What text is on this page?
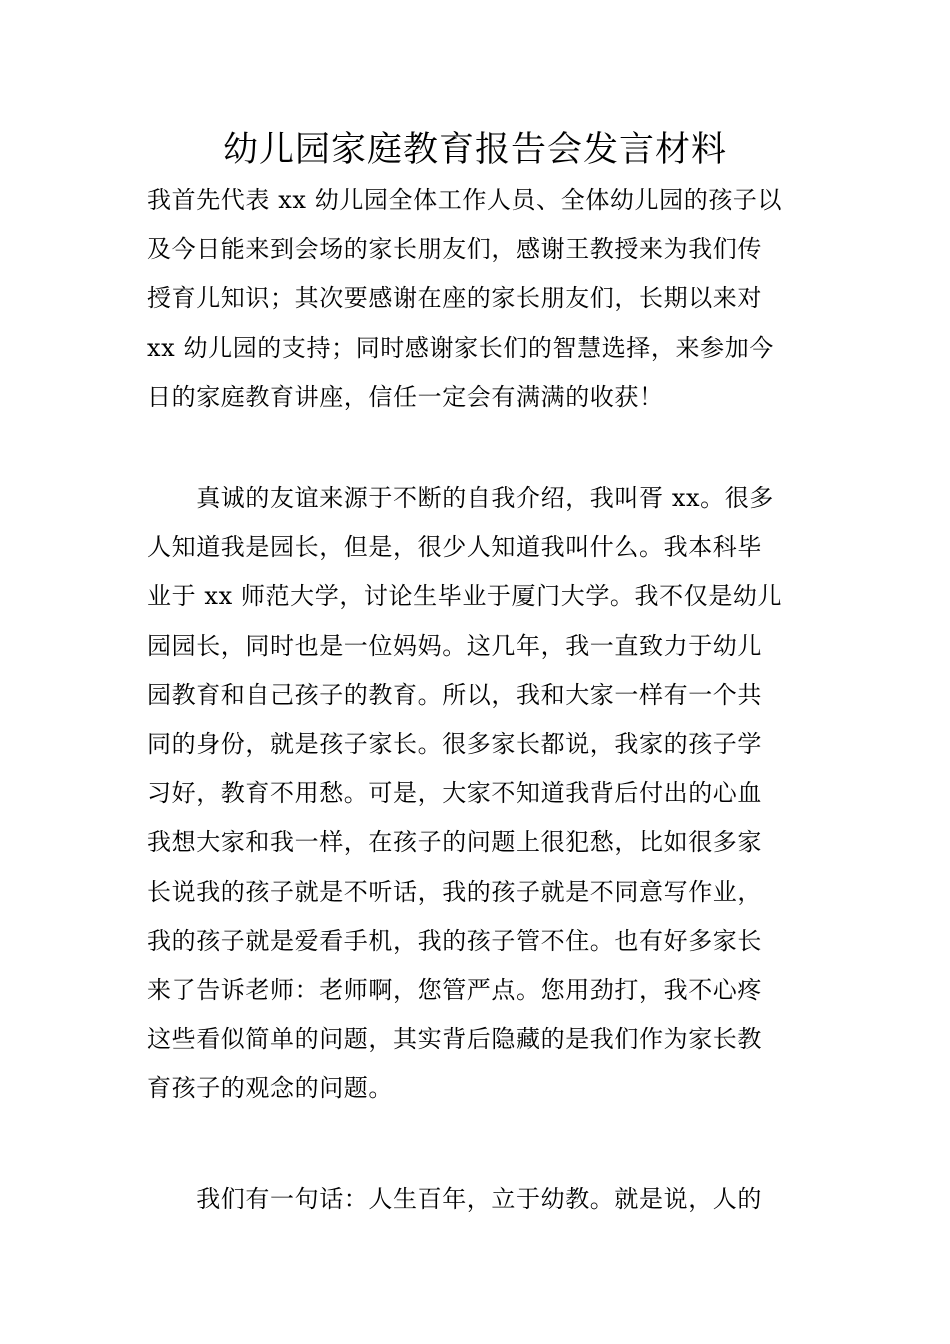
幼儿园家庭教育报告会发言材料
我首先代表 xx 幼儿园全体工作人员、全体幼儿园的孩子以
及今日能来到会场的家长朋友们，感谢王教授来为我们传
授育儿知识；其次要感谢在座的家长朋友们，长期以来对
xx 幼儿园的支持；同时感谢家长们的智慧选择，来参加今
日的家庭教育讲座，信任一定会有满满的收获！
　　真诚的友谊来源于不断的自我介绍，我叫胥 xx。很多
人知道我是园长，但是，很少人知道我叫什么。我本科毕
业于 xx 师范大学，讨论生毕业于厦门大学。我不仅是幼儿
园园长，同时也是一位妈妈。这几年，我一直致力于幼儿
园教育和自己孩子的教育。所以，我和大家一样有一个共
同的身份，就是孩子家长。很多家长都说，我家的孩子学
习好，教育不用愁。可是，大家不知道我背后付出的心血
我想大家和我一样，在孩子的问题上很犯愁，比如很多家
长说我的孩子就是不听话，我的孩子就是不同意写作业，
我的孩子就是爱看手机，我的孩子管不住。也有好多家长
来了告诉老师：老师啊，您管严点。您用劲打，我不心疼
这些看似简单的问题，其实背后隐藏的是我们作为家长教
育孩子的观念的问题。
　　我们有一句话：人生百年，立于幼教。就是说，人的
